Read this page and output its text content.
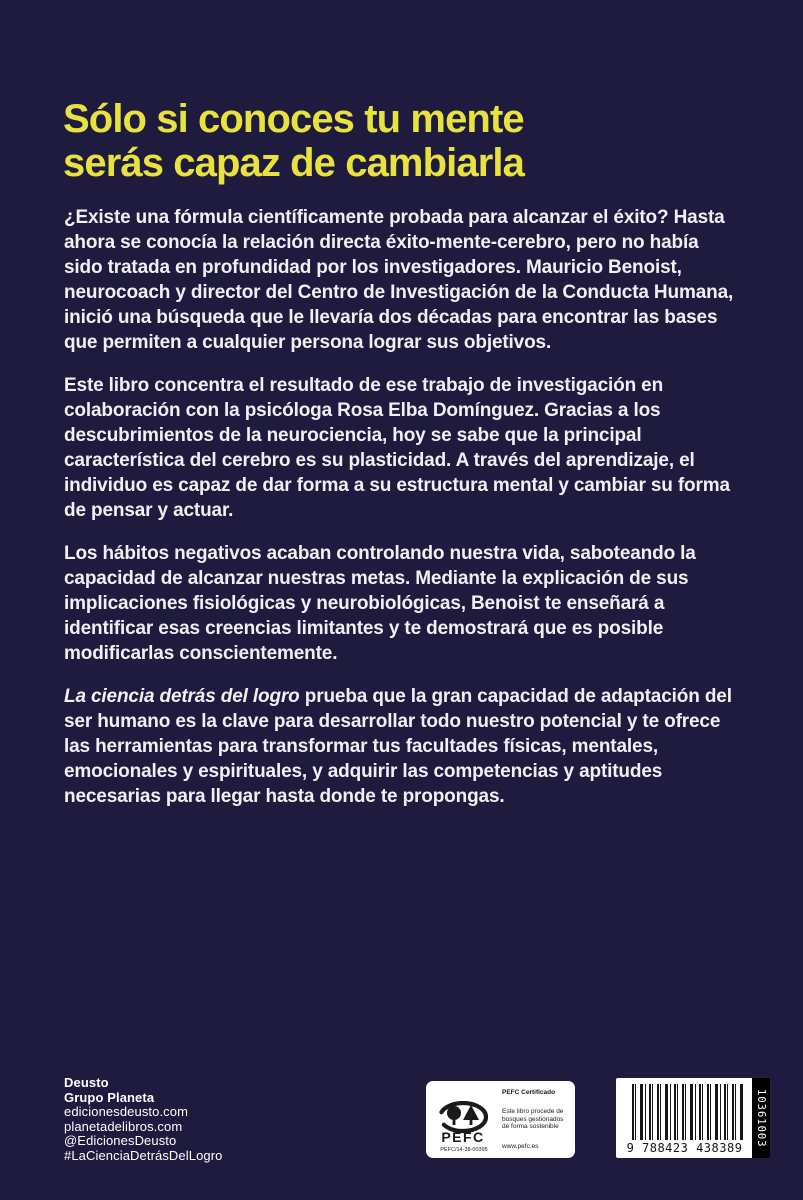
Sólo si conoces tu mente
serás capaz de cambiarla

¿Existe una fórmula científicamente probada para alcanzar el éxito? Hasta ahora se conocía la relación directa éxito-mente-cerebro, pero no había sido tratada en profundidad por los investigadores. Mauricio Benoist, neurocoach y director del Centro de Investigación de la Conducta Humana, inició una búsqueda que le llevaría dos décadas para encontrar las bases que permiten a cualquier persona lograr sus objetivos.

Este libro concentra el resultado de ese trabajo de investigación en colaboración con la psicóloga Rosa Elba Domínguez. Gracias a los descubrimientos de la neurociencia, hoy se sabe que la principal característica del cerebro es su plasticidad. A través del aprendizaje, el individuo es capaz de dar forma a su estructura mental y cambiar su forma de pensar y actuar.

Los hábitos negativos acaban controlando nuestra vida, saboteando la capacidad de alcanzar nuestras metas. Mediante la explicación de sus implicaciones fisiológicas y neurobiológicas, Benoist te enseñará a identificar esas creencias limitantes y te demostrará que es posible modificarlas conscientemente.

La ciencia detrás del logro prueba que la gran capacidad de adaptación del ser humano es la clave para desarrollar todo nuestro potencial y te ofrece las herramientas para transformar tus facultades físicas, mentales, emocionales y espirituales, y adquirir las competencias y aptitudes necesarias para llegar hasta donde te propongas.

Deusto
Grupo Planeta
edicionesdeusto.com
planetadelibros.com
@EdicionesDeusto
#LaCienciaDetrásDelLogro
PEFC
PEFC/14-38-00395
PEFC Certificado
Este libro procede de bosques gestionados de forma sostenible
www.pefc.es	9 788423 438389
10361003
